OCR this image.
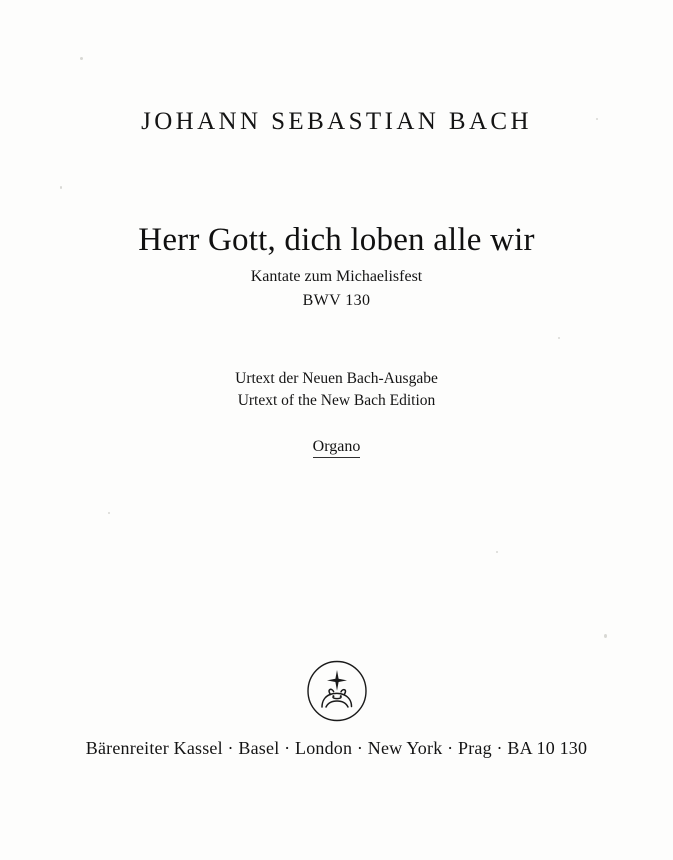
JOHANN SEBASTIAN BACH
Herr Gott, dich loben alle wir
Kantate zum Michaelisfest
BWV 130
Urtext der Neuen Bach-Ausgabe
Urtext of the New Bach Edition
Organo
Bärenreiter Kassel · Basel · London · New York · Prag · BA 10 130
